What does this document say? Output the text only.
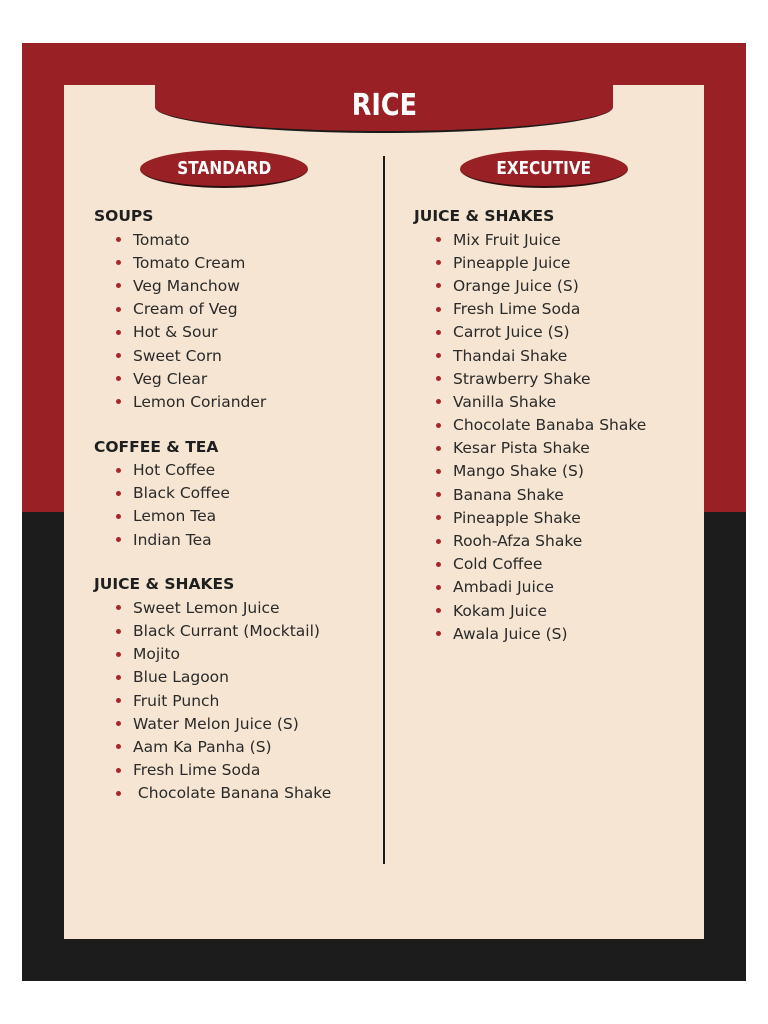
RICE
STANDARD	EXECUTIVE
SOUPS
Tomato
Tomato Cream
Veg Manchow
Cream of Veg
Hot & Sour
Sweet Corn
Veg Clear
Lemon Coriander
COFFEE & TEA
Hot Coffee
Black Coffee
Lemon Tea
Indian Tea
JUICE & SHAKES
Sweet Lemon Juice
Black Currant (Mocktail)
Mojito
Blue Lagoon
Fruit Punch
Water Melon Juice (S)
Aam Ka Panha (S)
Fresh Lime Soda
Chocolate Banana Shake
JUICE & SHAKES
Mix Fruit Juice
Pineapple Juice
Orange Juice (S)
Fresh Lime Soda
Carrot Juice (S)
Thandai Shake
Strawberry Shake
Vanilla Shake
Chocolate Banaba Shake
Kesar Pista Shake
Mango Shake (S)
Banana Shake
Pineapple Shake
Rooh-Afza Shake
Cold Coffee
Ambadi Juice
Kokam Juice
Awala Juice (S)
